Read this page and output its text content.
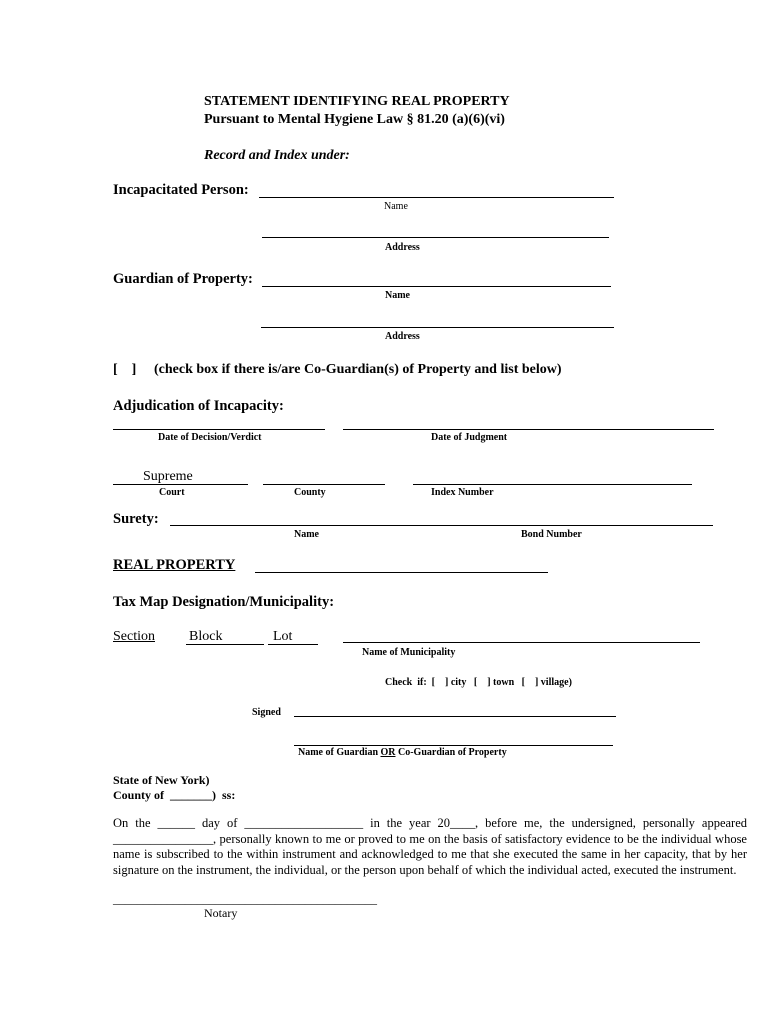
STATEMENT IDENTIFYING REAL PROPERTY
Pursuant to Mental Hygiene Law § 81.20 (a)(6)(vi)
Record and Index under:
Incapacitated Person:
Name
Address
Guardian of Property:
Name
Address
[    ] (check box if there is/are Co-Guardian(s) of Property and list below)
Adjudication of Incapacity:
Date of Decision/Verdict	Date of Judgment
Supreme
Court	County	Index Number
Surety:
Name	Bond Number
REAL PROPERTY
Tax Map Designation/Municipality:
Section Block	Lot
Name of Municipality
Check  if:  [    ] city   [    ] town   [    ] village)
Signed
Name of Guardian OR Co-Guardian of Property
State of New York)
County of  _______)  ss:
On the ______ day of ___________________ in the year 20____, before me, the undersigned, personally appeared ________________, personally known to me or proved to me on the basis of satisfactory evidence to be the individual whose name is subscribed to the within instrument and acknowledged to me that she executed the same in her capacity, that by her signature on the instrument, the individual, or the person upon behalf of which the individual acted, executed the instrument.
____________________________________________
Notary
